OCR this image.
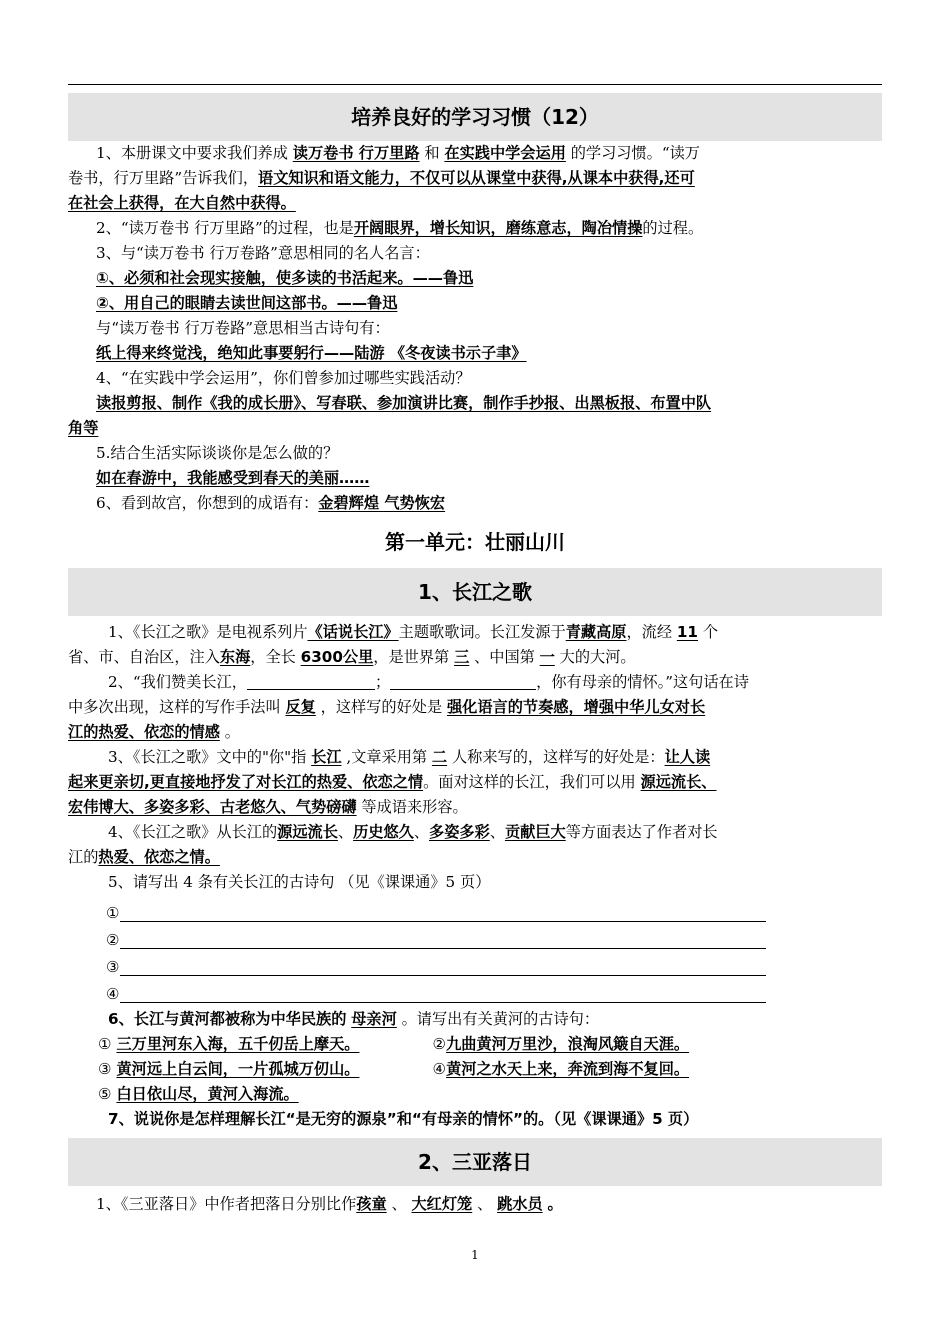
培养良好的学习习惯（12）

1、本册课文中要求我们养成 读万卷书 行万里路 和 在实践中学会运用 的学习习惯。“读万

卷书，行万里路”告诉我们，语文知识和语文能力，不仅可以从课堂中获得,从课本中获得,还可

在社会上获得，在大自然中获得。

2、“读万卷书 行万里路”的过程，也是开阔眼界，增长知识，磨练意志，陶冶情操的过程。

3、与“读万卷书 行万卷路”意思相同的名人名言：

①、必须和社会现实接触，使多读的书活起来。——鲁迅

②、用自己的眼睛去读世间这部书。——鲁迅

与“读万卷书 行万卷路”意思相当古诗句有：

纸上得来终觉浅，绝知此事要躬行——陆游 《冬夜读书示子聿》

4、“在实践中学会运用”，你们曾参加过哪些实践活动？

读报剪报、制作《我的成长册》、写春联、参加演讲比赛，制作手抄报、出黑板报、布置中队

角等

5.结合生活实际谈谈你是怎么做的？

如在春游中，我能感受到春天的美丽……

6、看到故宫，你想到的成语有：金碧辉煌 气势恢宏

第一单元：壮丽山川
1、长江之歌

1、《长江之歌》是电视系列片《话说长江》主题歌歌词。长江发源于青藏高原，流经 11 个

省、市、自治区，注入东海，全长 6300公里，是世界第 三 、中国第 一 大的大河。

2、“我们赞美长江，	；	，你有母亲的情怀。”这句话在诗

中多次出现，这样的写作手法叫 反复 ，这样写的好处是 强化语言的节奏感，增强中华儿女对长

江的热爱、依恋的情感 。

3、《长江之歌》文中的"你"指 长江 ,文章采用第 二 人称来写的，这样写的好处是：让人读

起来更亲切,更直接地抒发了对长江的热爱、依恋之情。面对这样的长江，我们可以用 源远流长、

宏伟博大、多姿多彩、古老悠久、气势磅礴 等成语来形容。

4、《长江之歌》从长江的源远流长、历史悠久、多姿多彩、贡献巨大等方面表达了作者对长

江的热爱、依恋之情。

5、请写出 4 条有关长江的古诗句 （见《课课通》5 页）

①
②
③
④

6、长江与黄河都被称为中华民族的 母亲河 。请写出有关黄河的古诗句：

① 三万里河东入海，五千仞岳上摩天。	②九曲黄河万里沙，浪淘风簸自天涯。

③ 黄河远上白云间，一片孤城万仞山。	④黄河之水天上来，奔流到海不复回。

⑤ 白日依山尽，黄河入海流。

7、说说你是怎样理解长江“是无穷的源泉”和“有母亲的情怀”的。（见《课课通》5 页）

2、三亚落日

1、《三亚落日》中作者把落日分别比作孩童 、 大红灯笼 、 跳水员 。

1
